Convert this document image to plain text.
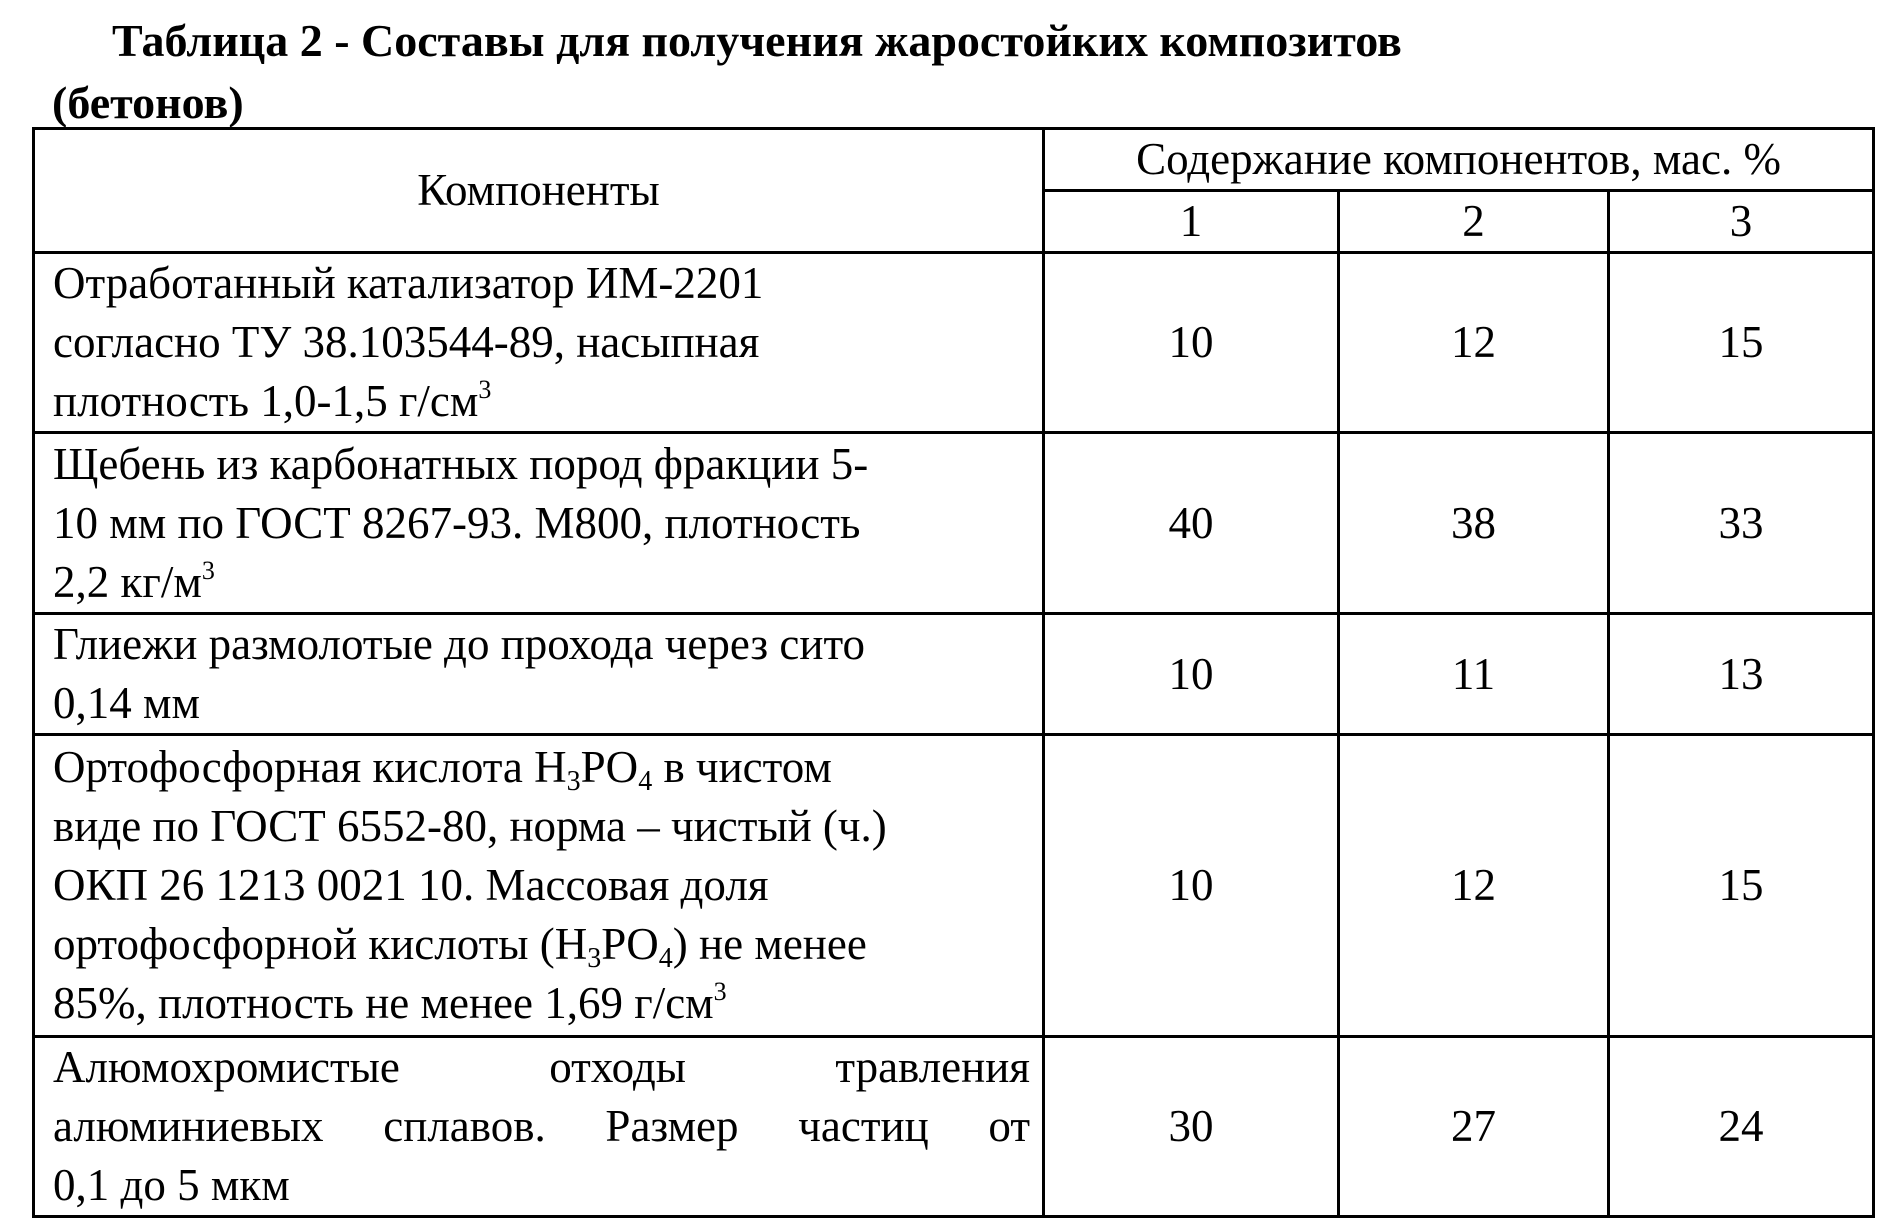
Таблица 2 - Составы для получения жаростойких композитов
(бетонов)

Компоненты	Содержание компонентов, мас. %		
	1	2	3
Отработанный катализатор ИМ-2201
согласно ТУ 38.103544-89, насыпная
плотность 1,0-1,5 $г/см^3$	10	12	15
Щебень из карбонатных пород фракции 5-
10 мм по ГОСТ 8267-93. М800, плотность
2,2 $кг/м^3$	40	38	33
Глиежи размолотые до прохода через сито
0,14 мм	10	11	13
Ортофосфорная кислота $H_3PO_4$ в чистом
виде по ГОСТ 6552-80, норма – чистый (ч.)
ОКП 26 1213 0021 10. Массовая доля
ортофосфорной кислоты $(H_3PO_4)$ не менее
85%, плотность не менее 1,69 $г/см^3$	10	12	15

Алюмохромистые отходы травления
алюминиевых сплавов. Размер частиц от
0,1 до 5 мкм	30	27	24
